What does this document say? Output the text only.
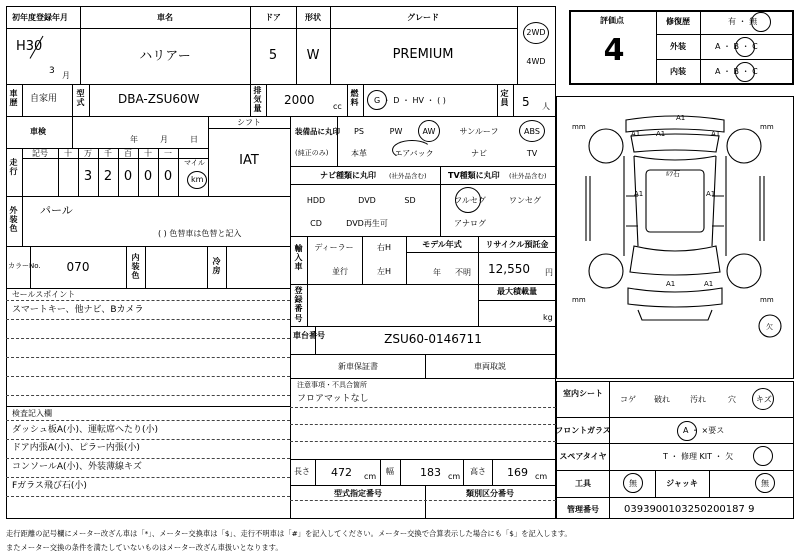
初年度登録年月
H30
3 月
車名
ハリアー
ドア
5
形状
W
グレード
PREMIUM
2WD
4WD
車歴 自家用
型式	DBA-ZSU60W
排気量
2000 cc
燃料 G ・ D ・ HV ・ ( )
定員 5 人
車検
年	月	日
シフト
IAT
走行
記号 十 万 千 百 十 一
3 2 0 0 0
マイル
km
外装色
パール
( ) 色替車は色替と記入
カラーNo. 070
内装色
冷房
セールスポイント
スマートキー、他ナビ、Bカメラ
検査記入欄
ダッシュ板A(小)、運転席へたり(小)
ドア内張A(小)、ピラー内張(小)
コンソールA(小)、外装薄線キズ
Fガラス飛び石(小)
装備品に丸印
(純正のみ)
PS	PW	AW	サンルーフ	ABS
本革	エアバック	ナビ	TV
ナビ種類に丸印 (社外品含む)	TV種類に丸印 (社外品含む)
HDD	DVD	SD
CD	DVD再生可
フルセグ	ワンセグ
アナログ
輸入車
ディーラー
並行
右H
左H
モデル年式
年 不明
リサイクル預託金
12,550 円
登録番号
最大積載量
kg
車台番号	ZSU60-0146711
新車保証書	車両取説
注意事項・不具合箇所
フロアマットなし
長さ 472 cm
幅 183 cm
高さ 169 cm
型式指定番号	類別区分番号
評価点
4
修復歴	有 ・ 無
外装	A ・ B ・ C
内装	A ・ B ・ C
mm	mm
mm	mm
A1
A1	A1
A1
A1	A1
A1	A1
ﾙﾌ石
欠
室内シート
コゲ 破れ	汚れ	穴	キズ
フロントガラス	A ・ ×要ス
スペアタイヤ	T ・ 修理 KIT ・ 欠
工具	無	ジャッキ	無
管理番号	0393900103250200187 9
走行距離の記号欄にメーター改ざん車は「*」、メーター交換車は「$」、走行不明車は「#」を記入してください。メーター交換で合算表示した場合にも「$」を記入します。
またメーター交換の条件を満たしていないものはメーター改ざん車扱いとなります。
